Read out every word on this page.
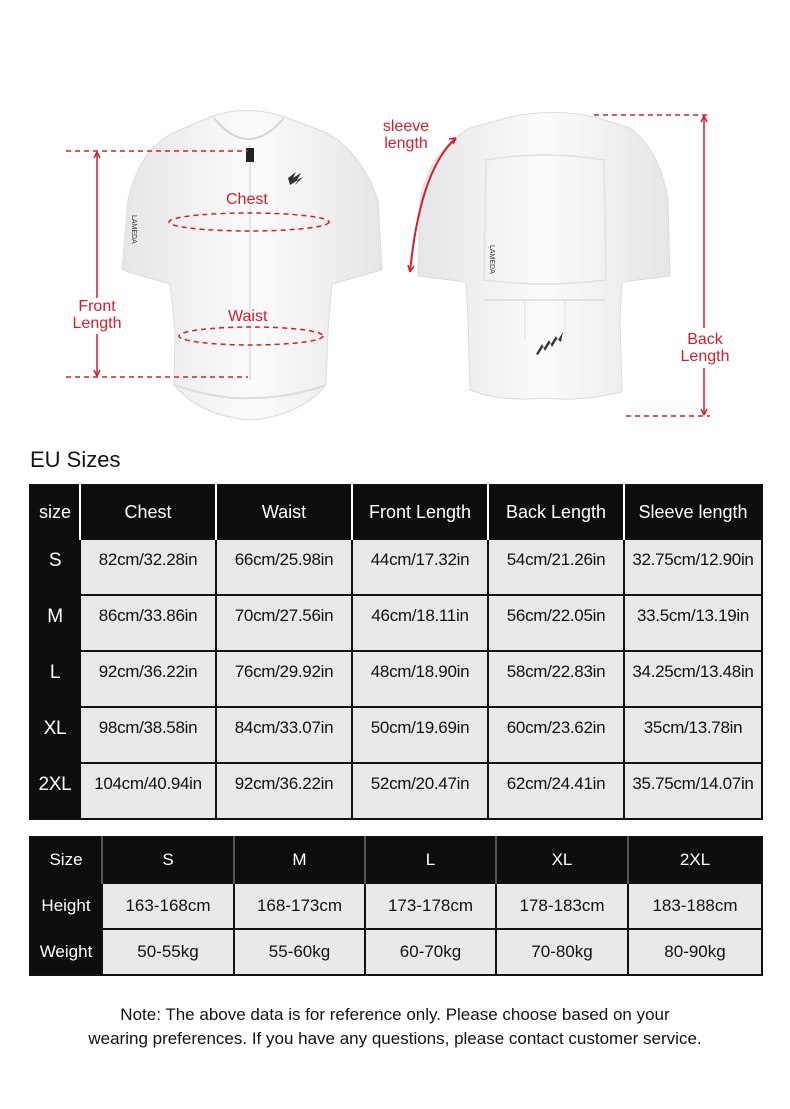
LAMEDA
LAMEDA
Chest
Waist
Front
Length
sleeve
length
Back
Length
EU Sizes
size	Chest	Waist	Front Length	Back Length	Sleeve length
S	82cm/32.28in	66cm/25.98in	44cm/17.32in	54cm/21.26in	32.75cm/12.90in
M	86cm/33.86in	70cm/27.56in	46cm/18.11in	56cm/22.05in	33.5cm/13.19in
L	92cm/36.22in	76cm/29.92in	48cm/18.90in	58cm/22.83in	34.25cm/13.48in
XL	98cm/38.58in	84cm/33.07in	50cm/19.69in	60cm/23.62in	35cm/13.78in
2XL	104cm/40.94in	92cm/36.22in	52cm/20.47in	62cm/24.41in	35.75cm/14.07in
Size	S	M	L	XL	2XL
Height	163-168cm	168-173cm	173-178cm	178-183cm	183-188cm
Weight	50-55kg	55-60kg	60-70kg	70-80kg	80-90kg
Note: The above data is for reference only. Please choose based on your
wearing preferences. If you have any questions, please contact customer service.
